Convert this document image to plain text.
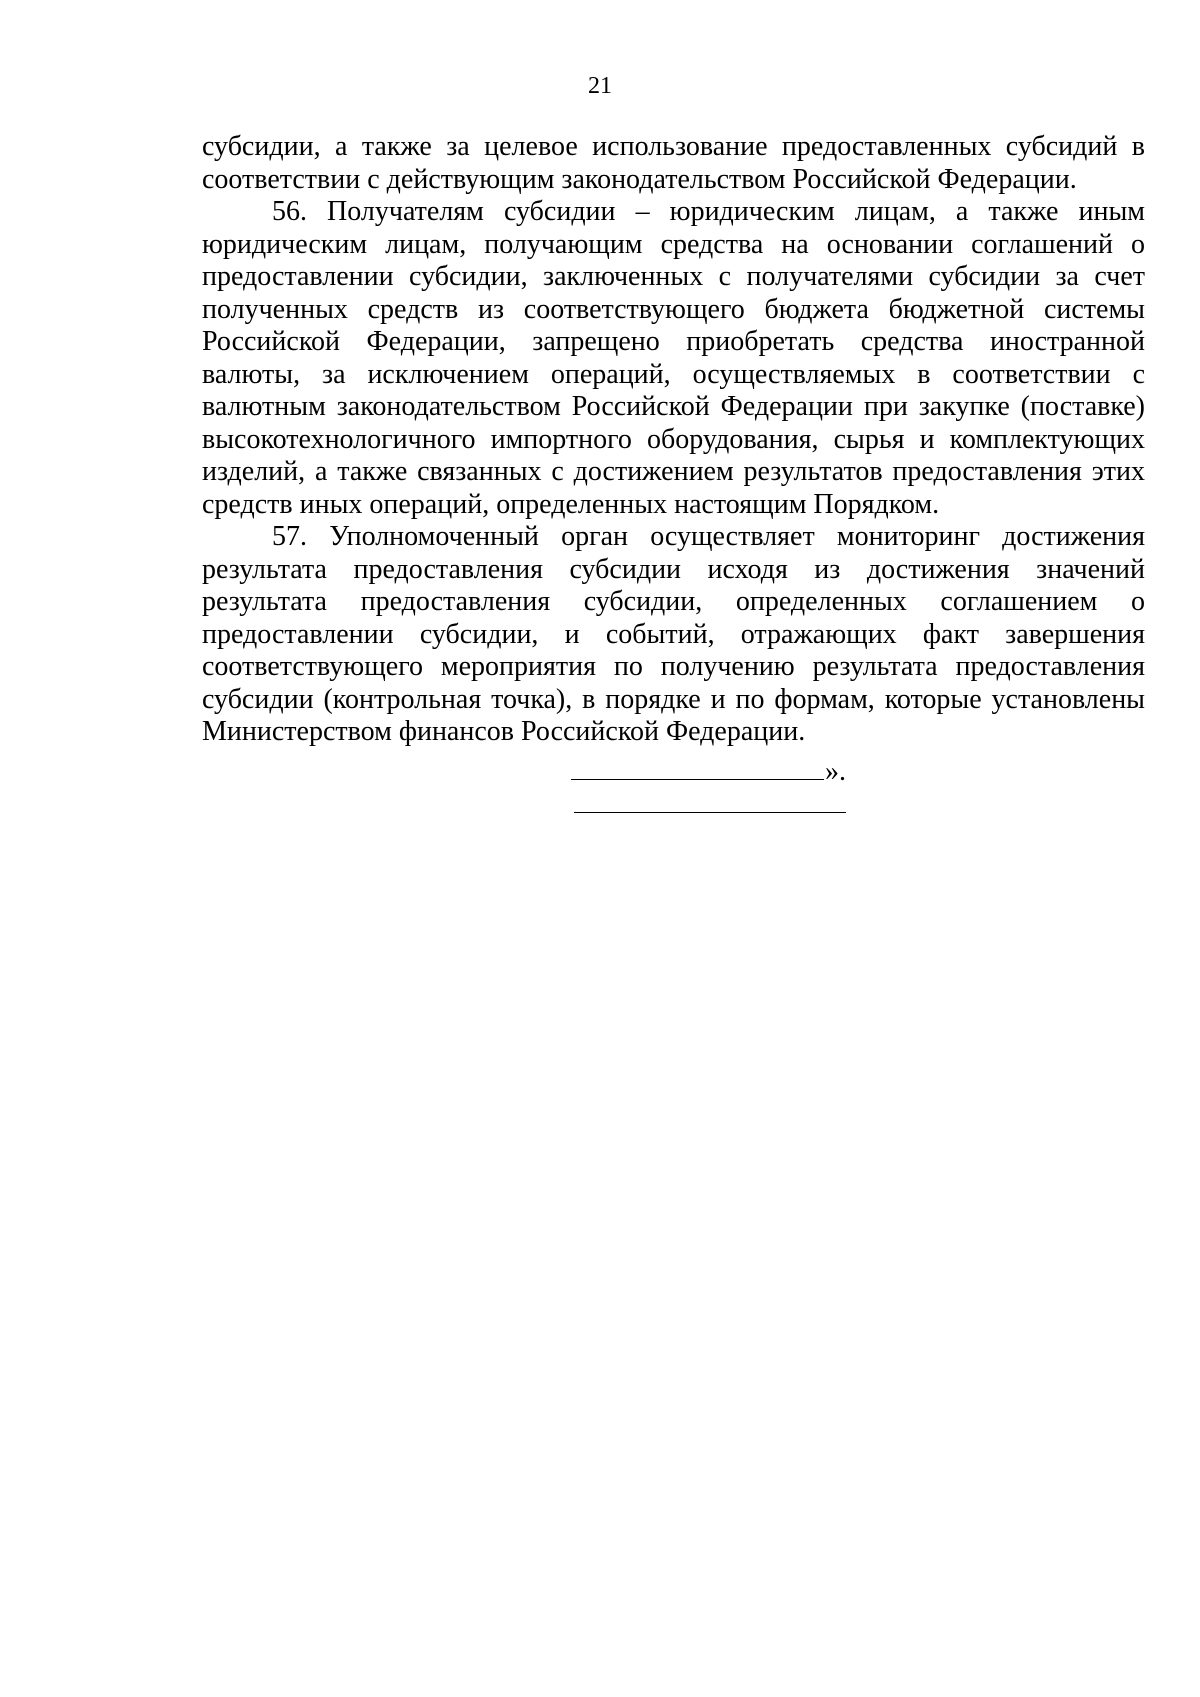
21

субсидии, а также за целевое использование предоставленных субсидий в соответствии с действующим законодательством Российской Федерации.

56. Получателям субсидии – юридическим лицам, а также иным юридическим лицам, получающим средства на основании соглашений о предоставлении субсидии, заключенных с получателями субсидии за счет полученных средств из соответствующего бюджета бюджетной системы Российской Федерации, запрещено приобретать средства иностранной валюты, за исключением операций, осуществляемых в соответствии с валютным законодательством Российской Федерации при закупке (поставке) высокотехнологичного импортного оборудования, сырья и комплектующих изделий, а также связанных с достижением результатов предоставления этих средств иных операций, определенных настоящим Порядком.

57. Уполномоченный орган осуществляет мониторинг достижения результата предоставления субсидии исходя из достижения значений результата предоставления субсидии, определенных соглашением о предоставлении субсидии, и событий, отражающих факт завершения соответствующего мероприятия по получению результата предоставления субсидии (контрольная точка), в порядке и по формам, которые установлены Министерством финансов Российской Федерации.

».
